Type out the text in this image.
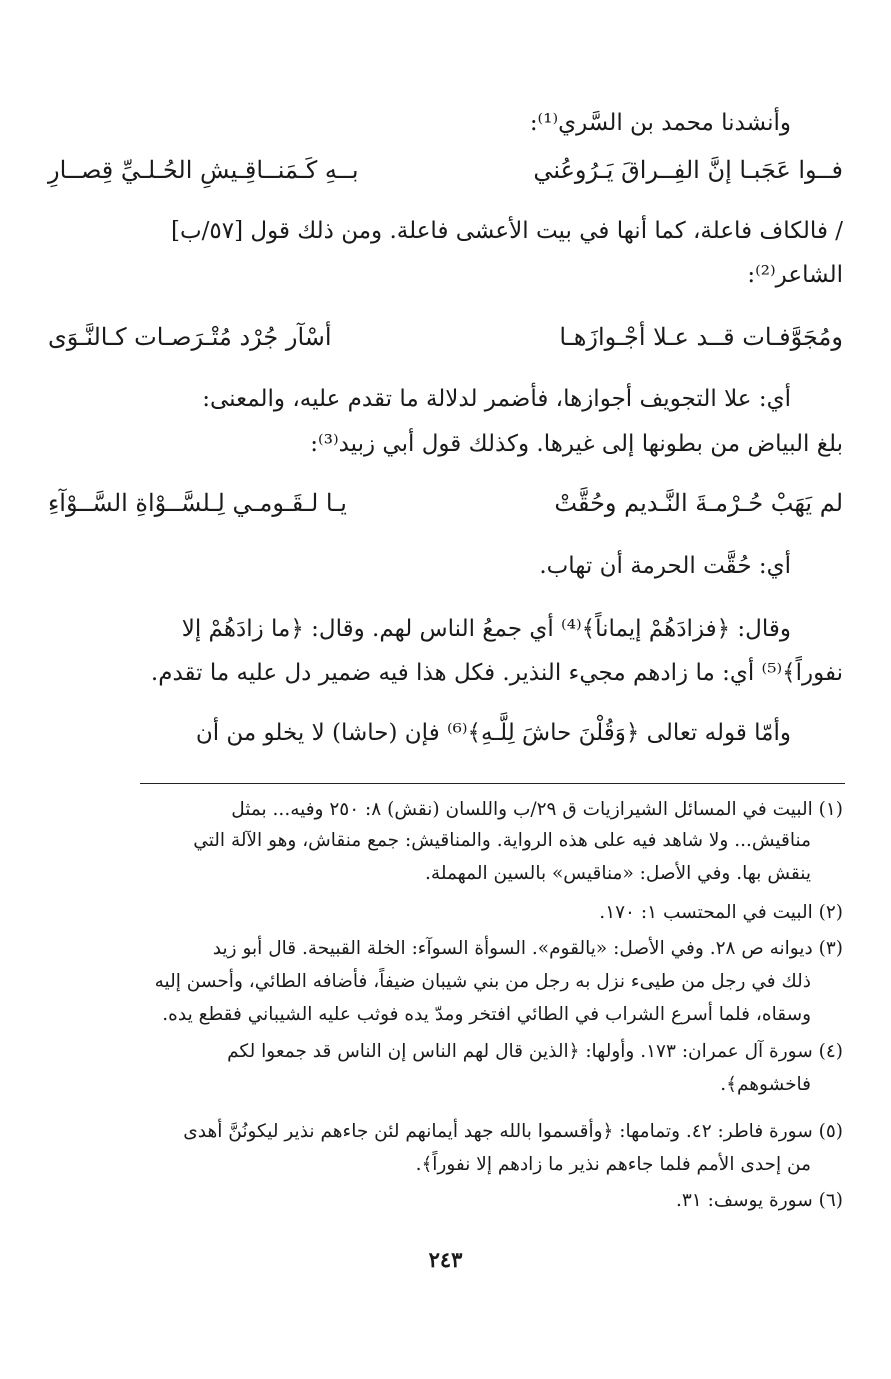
وأنشدنا محمد بن السَّري⁽¹⁾:
فــوا عَجَبـا إنَّ الفِــراقَ يَـرُوعُني
بــهِ كَـمَنــاقِـيشِ الحُـلـيِّ قِصــارِ
/ فالكاف فاعلة، كما أنها في بيت الأعشى فاعلة. ومن ذلك قول [٥٧/ب]
الشاعر⁽²⁾:
ومُجَوَّفـات قــد عـلا أجْـوازَهـا
أسْآر جُرْد مُتْـرَصـات كـالنَّـوَى
أي: علا التجويف أجوازها، فأضمر لدلالة ما تقدم عليه، والمعنى:
بلغ البياض من بطونها إلى غيرها. وكذلك قول أبي زبيد⁽³⁾:
لم يَهَبْ حُـرْمـةَ النَّـديم وحُقَّتْ
يـا لـقَـومـي لِـلسَّــوْاةِ السَّــوْآءِ
أي: حُقَّت الحرمة أن تهاب.
وقال: ﴿فزادَهُمْ إيماناً﴾⁽⁴⁾ أي جمعُ الناس لهم. وقال: ﴿ما زادَهُمْ إلا
نفوراً﴾⁽⁵⁾ أي: ما زادهم مجيء النذير. فكل هذا فيه ضمير دل عليه ما تقدم.
وأمّا قوله تعالى ﴿وَقُلْنَ حاشَ لِلَّـهِ﴾⁽⁶⁾ فإن (حاشا) لا يخلو من أن
(١) البيت في المسائل الشيرازيات ق ٢٩/ب واللسان (نقش) ٨: ٢٥٠ وفيه... بمثل
مناقيش... ولا شاهد فيه على هذه الرواية. والمناقيش: جمع منقاش، وهو الآلة التي
ينقش بها. وفي الأصل: «مناقيس» بالسين المهملة.
(٢) البيت في المحتسب ١: ١٧٠.
(٣) ديوانه ص ٢٨. وفي الأصل: «يالقوم». السوأة السوآء: الخلة القبيحة. قال أبو زيد
ذلك في رجل من طيىء نزل به رجل من بني شيبان ضيفاً، فأضافه الطائي، وأحسن إليه
وسقاه، فلما أسرع الشراب في الطائي افتخر ومدّ يده فوثب عليه الشيباني فقطع يده.
(٤) سورة آل عمران: ١٧٣. وأولها: ﴿الذين قال لهم الناس إن الناس قد جمعوا لكم
فاخشوهم﴾.
(٥) سورة فاطر: ٤٢. وتمامها: ﴿وأقسموا بالله جهد أيمانهم لئن جاءهم نذير ليكونُنَّ أهدى
من إحدى الأمم فلما جاءهم نذير ما زادهم إلا نفوراً﴾.
(٦) سورة يوسف: ٣١.
٢٤٣
